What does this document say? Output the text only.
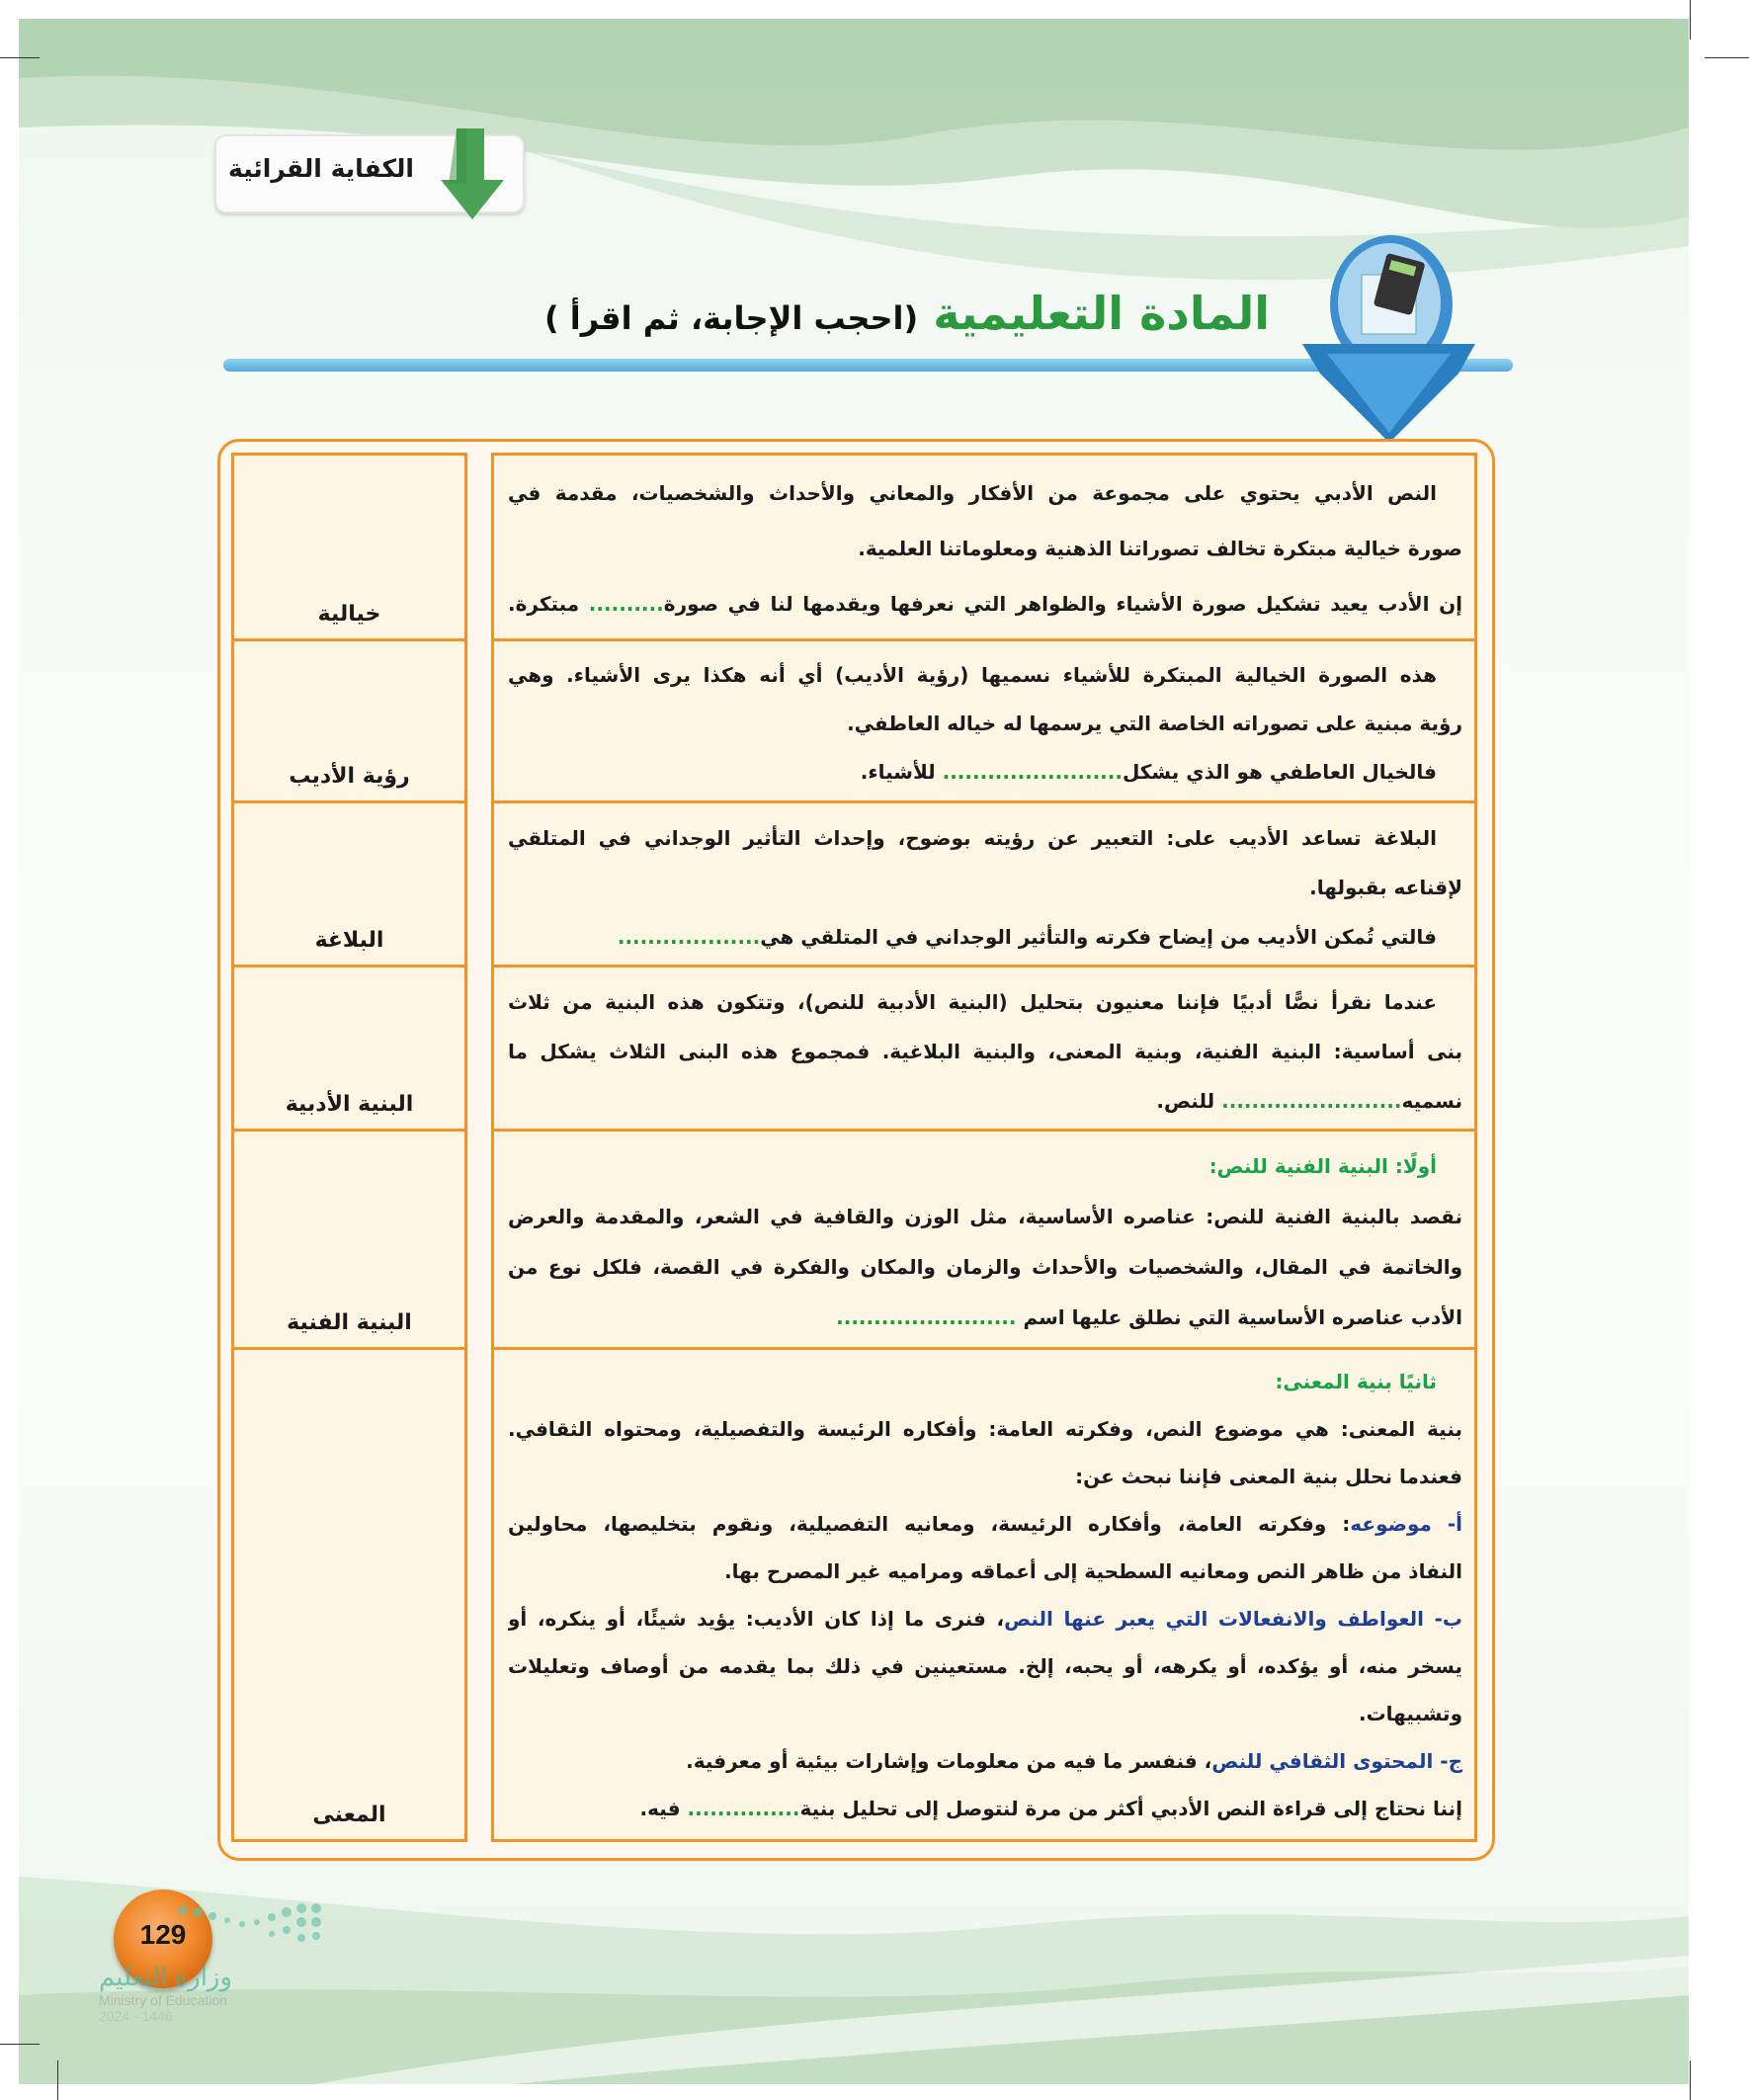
الكفاية القرائية
المادة التعليمية (احجب الإجابة، ثم اقرأ )
خيالية
رؤية الأديب
البلاغة
البنية الأدبية
البنية الفنية
المعنى
النص الأدبي يحتوي على مجموعة من الأفكار والمعاني والأحداث والشخصيات، مقدمة في
صورة خيالية مبتكرة تخالف تصوراتنا الذهنية ومعلوماتنا العلمية.
إن الأدب يعيد تشكيل صورة الأشياء والظواهر التي نعرفها ويقدمها لنا في صورة.......... مبتكرة.
هذه الصورة الخيالية المبتكرة للأشياء نسميها (رؤية الأديب) أي أنه هكذا يرى الأشياء. وهي
رؤية مبنية على تصوراته الخاصة التي يرسمها له خياله العاطفي.
فالخيال العاطفي هو الذي يشكل........................ للأشياء.
البلاغة تساعد الأديب على: التعبير عن رؤيته بوضوح، وإحداث التأثير الوجداني في المتلقي
لإقناعه بقبولها.
فالتي تُمكن الأديب من إيضاح فكرته والتأثير الوجداني في المتلقي هي...................
عندما نقرأ نصًّا أدبيًا فإننا معنيون بتحليل (البنية الأدبية للنص)، وتتكون هذه البنية من ثلاث
بنى أساسية: البنية الفنية، وبنية المعنى، والبنية البلاغية. فمجموع هذه البنى الثلاث يشكل ما
نسميه........................ للنص.
أولًا: البنية الفنية للنص:
نقصد بالبنية الفنية للنص: عناصره الأساسية، مثل الوزن والقافية في الشعر، والمقدمة والعرض
والخاتمة في المقال، والشخصيات والأحداث والزمان والمكان والفكرة في القصة، فلكل نوع من
الأدب عناصره الأساسية التي نطلق عليها اسم ........................
ثانيًا بنية المعنى:
بنية المعنى: هي موضوع النص، وفكرته العامة: وأفكاره الرئيسة والتفصيلية، ومحتواه الثقافي.
فعندما نحلل بنية المعنى فإننا نبحث عن:
أ- موضوعه: وفكرته العامة، وأفكاره الرئيسة، ومعانيه التفصيلية، ونقوم بتخليصها، محاولين
النفاذ من ظاهر النص ومعانيه السطحية إلى أعماقه ومراميه غير المصرح بها.
ب- العواطف والانفعالات التي يعبر عنها النص، فنرى ما إذا كان الأديب: يؤيد شيئًا، أو ينكره، أو
يسخر منه، أو يؤكده، أو يكرهه، أو يحبه، إلخ. مستعينين في ذلك بما يقدمه من أوصاف وتعليلات
وتشبيهات.
ج- المحتوى الثقافي للنص، فنفسر ما فيه من معلومات وإشارات بيئية أو معرفية.
إننا نحتاج إلى قراءة النص الأدبي أكثر من مرة لنتوصل إلى تحليل بنية............... فيه.
129
وزارة التعليم
Ministry of Education
2024 - 1446
